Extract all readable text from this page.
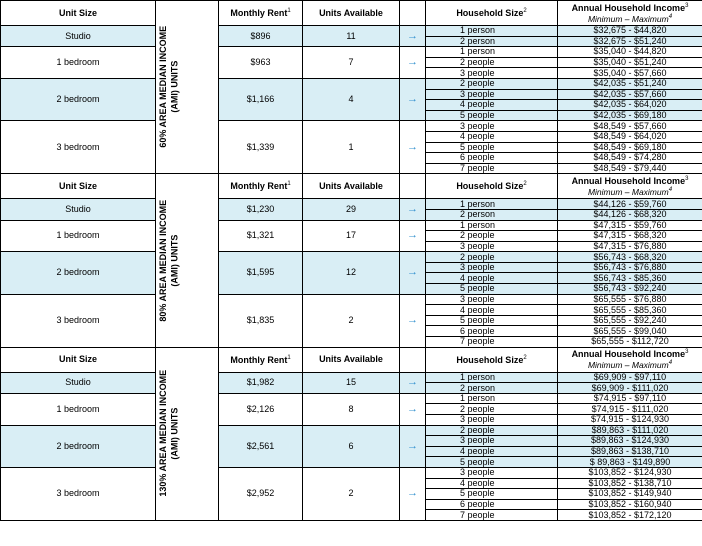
Unit Size	60% AREA MEDIAN INCOME (AMI) UNITS	Monthly Rent$^1$	Units Available		Household Size$^2$	Annual Household Income$^3$
Minimum – Maximum$^4$

Studio		$896	11	→	1 person	$32,675 - $44,820
					2 person	$32,675 - $51,240
1 bedroom		$963	7	→	1 person	$35,040 - $44,820
					2 people	$35,040 - $51,240
					3 people	$35,040 - $57,660
2 bedroom		$1,166	4	→	2 people	$42,035 - $51,240
					3 people	$42,035 - $57,660
					4 people	$42,035 - $64,020
					5 people	$42,035 - $69,180
3 bedroom		$1,339	1	→	3 people	$48,549 - $57,660
					4 people	$48,549 - $64,020
					5 people	$48,549 - $69,180
					6 people	$48,549 - $74,280
					7 people	$48,549 - $79,440
Unit Size	80% AREA MEDIAN INCOME (AMI) UNITS	Monthly Rent$^1$	Units Available		Household Size$^2$	Annual Household Income$^3$
Minimum – Maximum$^4$

Studio		$1,230	29	→	1 person	$44,126 - $59,760
					2 person	$44,126 - $68,320
1 bedroom		$1,321	17	→	1 person	$47,315 - $59,760
					2 people	$47,315 - $68,320
					3 people	$47,315 - $76,880
2 bedroom		$1,595	12	→	2 people	$56,743 - $68,320
					3 people	$56,743 - $76,880
					4 people	$56,743 - $85,360
					5 people	$56,743 - $92,240
3 bedroom		$1,835	2	→	3 people	$65,555 - $76,880
					4 people	$65,555 - $85,360
					5 people	$65,555 - $92,240
					6 people	$65,555 - $99,040
					7 people	$65,555 - $112,720
Unit Size	130% AREA MEDIAN INCOME (AMI) UNITS	Monthly Rent$^1$	Units Available		Household Size$^2$	Annual Household Income$^3$
Minimum – Maximum$^4$

Studio		$1,982	15	→	1 person	$69,909 - $97,110
					2 person	$69,909 - $111,020
1 bedroom		$2,126	8	→	1 person	$74,915 - $97,110
					2 people	$74,915 - $111,020
					3 people	$74,915 - $124,930
2 bedroom		$2,561	6	→	2 people	$89,863 - $111,020
					3 people	$89,863 - $124,930
					4 people	$89,863 - $138,710
					5 people	$ 89,863 - $149,890
3 bedroom		$2,952	2	→	3 people	$103,852 - $124,930
					4 people	$103,852 - $138,710
					5 people	$103,852 - $149,940
					6 people	$103,852 - $160,940
					7 people	$103,852 - $172,120
